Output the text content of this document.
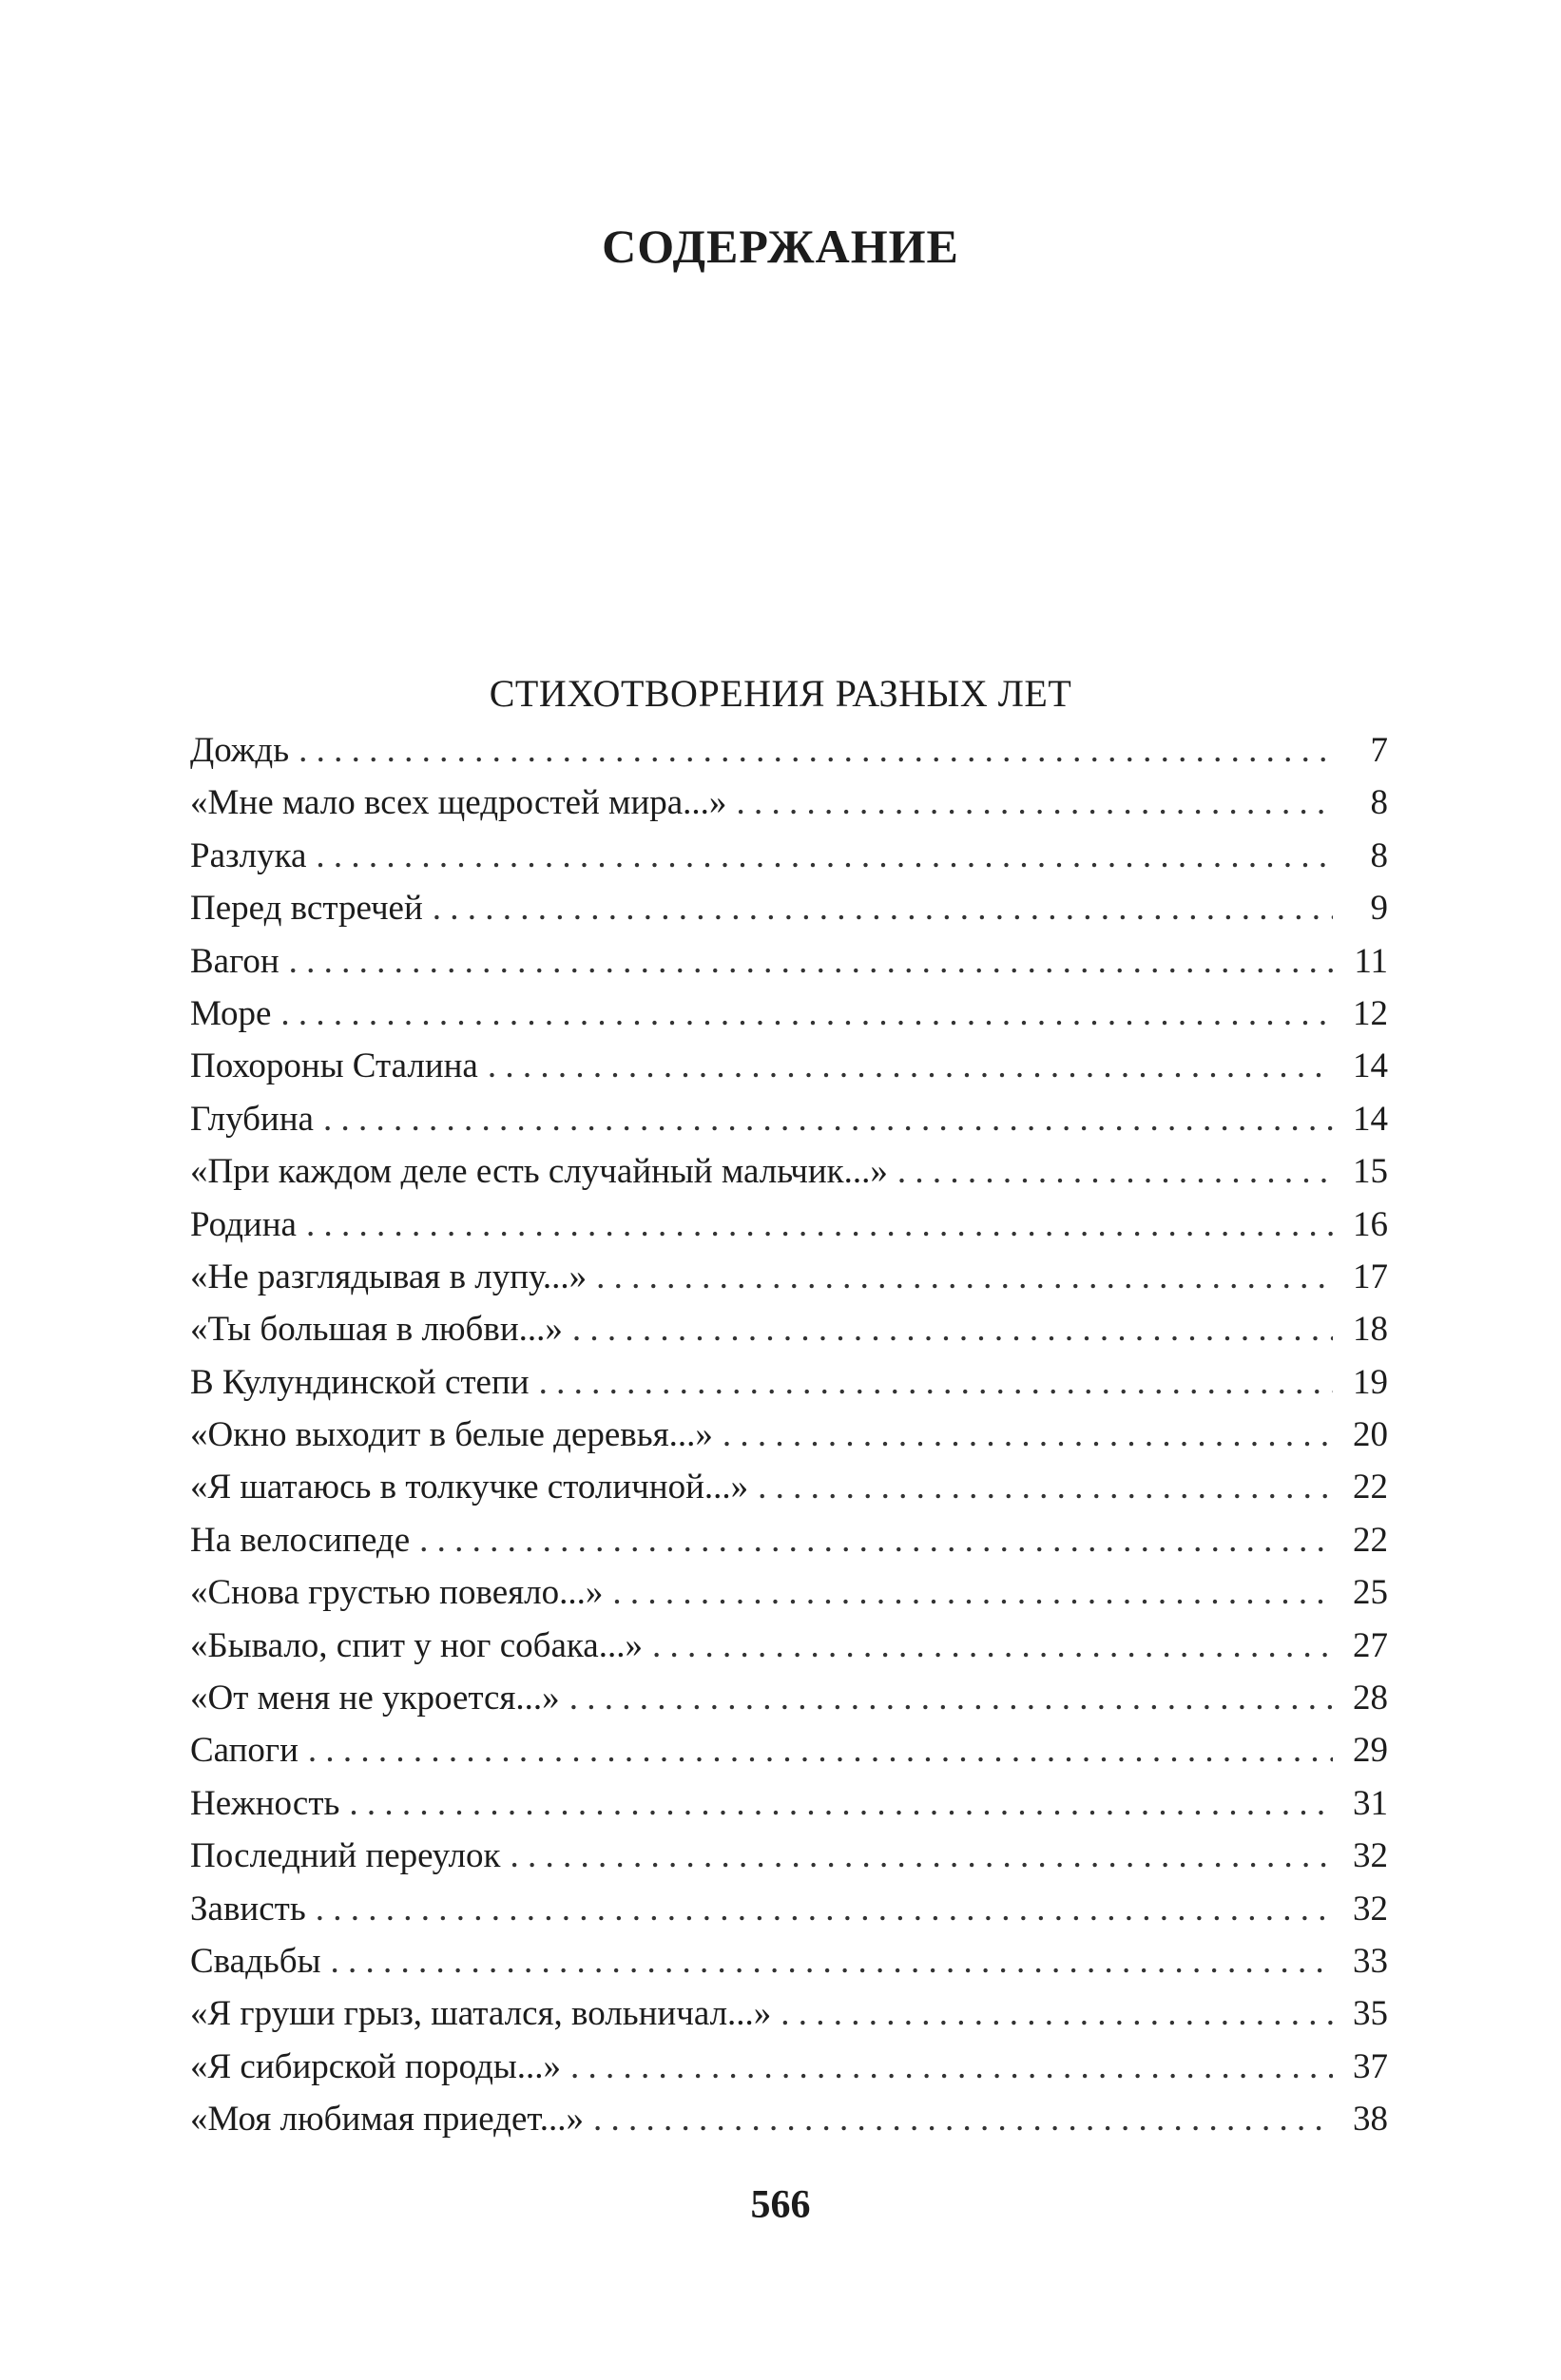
СОДЕРЖАНИЕ
СТИХОТВОРЕНИЯ РАЗНЫХ ЛЕТ
Дождь . . .	7
«Мне мало всех щедростей мира...» . . .	8
Разлука . . .	8
Перед встречей . . .	9
Вагон . . .	11
Море . . .	12
Похороны Сталина . . .	14
Глубина . . .	14
«При каждом деле есть случайный мальчик...» . . .	15
Родина . . .	16
«Не разглядывая в лупу...» . . .	17
«Ты большая в любви...» . . .	18
В Кулундинской степи . . .	19
«Окно выходит в белые деревья...» . . .	20
«Я шатаюсь в толкучке столичной...» . . .	22
На велосипеде . . .	22
«Снова грустью повеяло...» . . .	25
«Бывало, спит у ног собака...» . . .	27
«От меня не укроется...» . . .	28
Сапоги . . .	29
Нежность . . .	31
Последний переулок . . .	32
Зависть . . .	32
Свадьбы . . .	33
«Я груши грыз, шатался, вольничал...» . . .	35
«Я сибирской породы...» . . .	37
«Моя любимая приедет...» . . .	38
566
